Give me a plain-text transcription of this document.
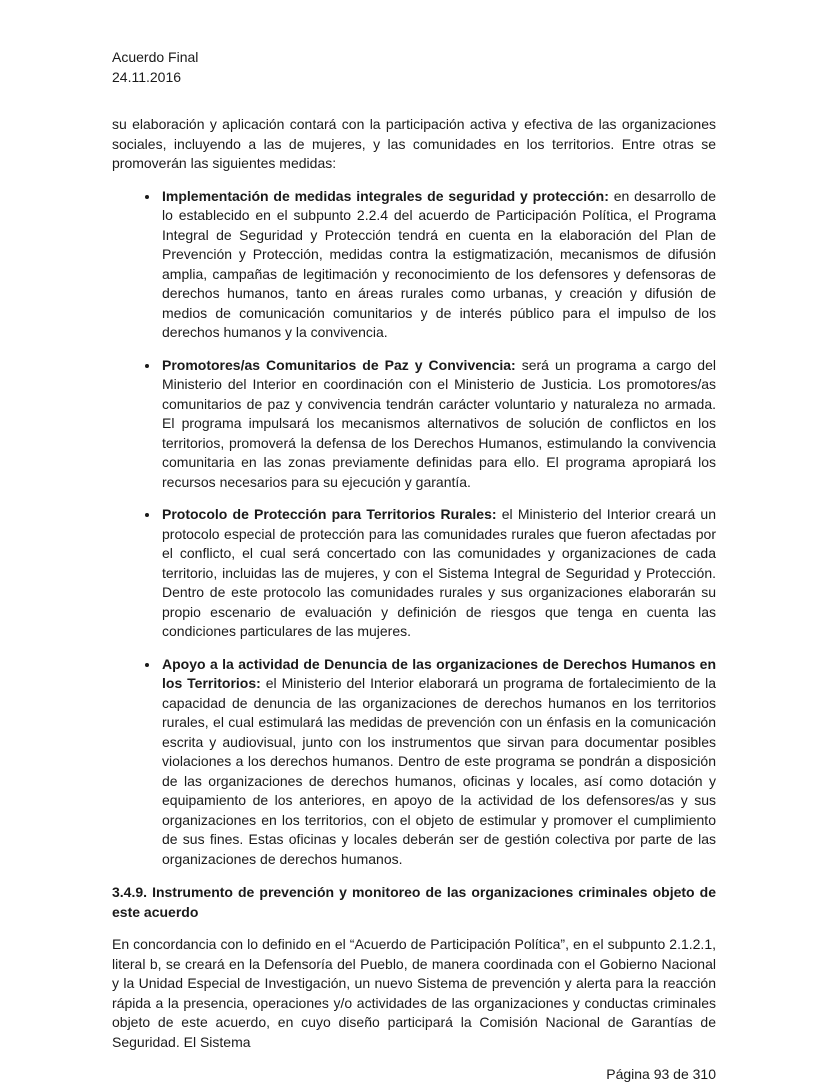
Acuerdo Final
24.11.2016

su elaboración y aplicación contará con la participación activa y efectiva de las organizaciones sociales, incluyendo a las de mujeres, y las comunidades en los territorios. Entre otras se promoverán las siguientes medidas:

• Implementación de medidas integrales de seguridad y protección: en desarrollo de lo establecido en el subpunto 2.2.4 del acuerdo de Participación Política, el Programa Integral de Seguridad y Protección tendrá en cuenta en la elaboración del Plan de Prevención y Protección, medidas contra la estigmatización, mecanismos de difusión amplia, campañas de legitimación y reconocimiento de los defensores y defensoras de derechos humanos, tanto en áreas rurales como urbanas, y creación y difusión de medios de comunicación comunitarios y de interés público para el impulso de los derechos humanos y la convivencia.
• Promotores/as Comunitarios de Paz y Convivencia: será un programa a cargo del Ministerio del Interior en coordinación con el Ministerio de Justicia. Los promotores/as comunitarios de paz y convivencia tendrán carácter voluntario y naturaleza no armada. El programa impulsará los mecanismos alternativos de solución de conflictos en los territorios, promoverá la defensa de los Derechos Humanos, estimulando la convivencia comunitaria en las zonas previamente definidas para ello. El programa apropiará los recursos necesarios para su ejecución y garantía.
• Protocolo de Protección para Territorios Rurales: el Ministerio del Interior creará un protocolo especial de protección para las comunidades rurales que fueron afectadas por el conflicto, el cual será concertado con las comunidades y organizaciones de cada territorio, incluidas las de mujeres, y con el Sistema Integral de Seguridad y Protección. Dentro de este protocolo las comunidades rurales y sus organizaciones elaborarán su propio escenario de evaluación y definición de riesgos que tenga en cuenta las condiciones particulares de las mujeres.
• Apoyo a la actividad de Denuncia de las organizaciones de Derechos Humanos en los Territorios: el Ministerio del Interior elaborará un programa de fortalecimiento de la capacidad de denuncia de las organizaciones de derechos humanos en los territorios rurales, el cual estimulará las medidas de prevención con un énfasis en la comunicación escrita y audiovisual, junto con los instrumentos que sirvan para documentar posibles violaciones a los derechos humanos. Dentro de este programa se pondrán a disposición de las organizaciones de derechos humanos, oficinas y locales, así como dotación y equipamiento de los anteriores, en apoyo de la actividad de los defensores/as y sus organizaciones en los territorios, con el objeto de estimular y promover el cumplimiento de sus fines. Estas oficinas y locales deberán ser de gestión colectiva por parte de las organizaciones de derechos humanos.
3.4.9. Instrumento de prevención y monitoreo de las organizaciones criminales objeto de este acuerdo

En concordancia con lo definido en el “Acuerdo de Participación Política”, en el subpunto 2.1.2.1, literal b, se creará en la Defensoría del Pueblo, de manera coordinada con el Gobierno Nacional y la Unidad Especial de Investigación, un nuevo Sistema de prevención y alerta para la reacción rápida a la presencia, operaciones y/o actividades de las organizaciones y conductas criminales objeto de este acuerdo, en cuyo diseño participará la Comisión Nacional de Garantías de Seguridad. El Sistema

Página 93 de 310
